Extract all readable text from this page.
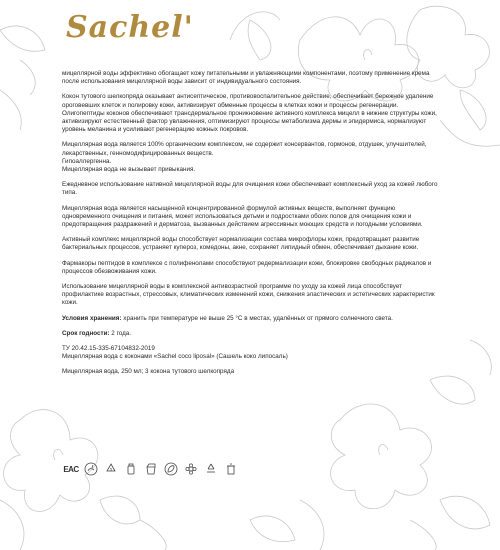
Sachel'

мицеллярной воды эффективно обогащает кожу питательными и увлажняющими компонентами, поэтому применение крема после использования мицеллярной воды зависит от индивидуального состояния.

Кокон тутового шелкопряда оказывает антисептическое, противовоспалительное действие, обеспечивает бережное удаление ороговевших клеток и полировку кожи, активизирует обменные процессы в клетках кожи и процессы регенерации. Олигопептиды коконов обеспечивают трансдермальное проникновение активного комплекса мицелл в нижние структуры кожи, активизируют естественный фактор увлажнения, оптимизируют процессы метаболизма дермы и эпидермиса, нормализуют уровень меланина и усиливают регенерацию кожных покровов.

Мицеллярная вода является 100% органическим комплексом, не содержит консервантов, гормонов, отдушек, улучшителей, лекарственных, генномодифицированных веществ.

Гипоаллергенна.

Мицеллярная вода не вызывает привыкания.

Ежедневное использование нативной мицеллярной воды для очищения кожи обеспечивает комплексный уход за кожей любого типа.

Мицеллярная вода является насыщенной концентрированной формулой активных веществ, выполняет функцию одновременного очищения и питания, может использоваться детьми и подростками обоих полов для очищения кожи и предотвращения раздражений и дерматоза, вызванных действием агрессивных моющих средств и погодными условиями.

Активный комплекс мицеллярной воды способствует нормализации состава микрофлоры кожи, предотвращает развитие бактериальных процессов, устраняет купероз, комедоны, акне, сохраняет липидный обмен, обеспечивает дыхание кожи.

Фармакоры пептидов в комплексе с полифенолами способствуют редермализации кожи, блокировке свободных радикалов и процессов обезвоживания кожи.

Использование мицеллярной воды в комплексной антивозрастной программе по уходу за кожей лица способствует профилактике возрастных, стрессовых, климатических изменений кожи, снижения эластических и эстетических характеристик кожи.

Условия хранения: хранить при температуре не выше 25 °С в местах, удалённых от прямого солнечного света.

Срок годности: 2 года.

ТУ 20.42.15-335-67104832-2019

Мицеллярная вода с коконами «Sachel coco liposal» (Сашель коко липосаль)

Мицеллярная вода, 250 мл; 3 кокона тутового шелкопряда

EAC	5
